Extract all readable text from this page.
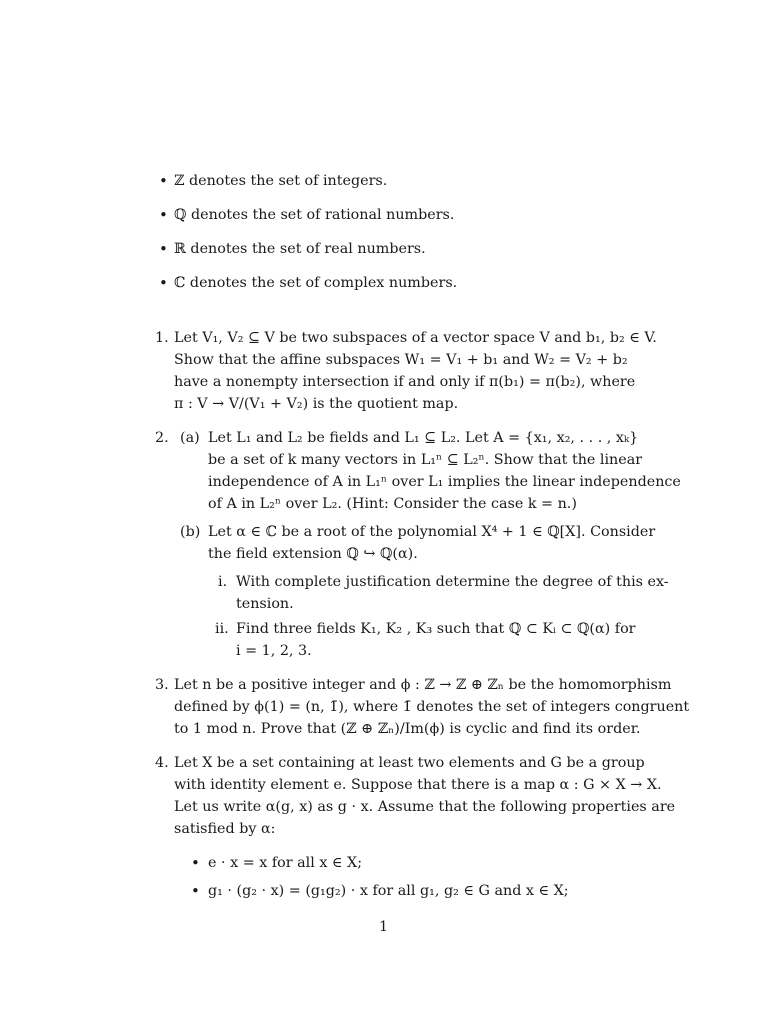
• ℤ denotes the set of integers.
• ℚ denotes the set of rational numbers.
• ℝ denotes the set of real numbers.
• ℂ denotes the set of complex numbers.
1. Let V₁, V₂ ⊆ V be two subspaces of a vector space V and b₁, b₂ ∈ V.
Show that the affine subspaces W₁ = V₁ + b₁ and W₂ = V₂ + b₂
have a nonempty intersection if and only if π(b₁) = π(b₂), where
π : V → V/(V₁ + V₂) is the quotient map.
2. (a) Let L₁ and L₂ be fields and L₁ ⊆ L₂. Let A = {x₁, x₂, . . . , xₖ}
be a set of k many vectors in L₁ⁿ ⊆ L₂ⁿ. Show that the linear
independence of A in L₁ⁿ over L₁ implies the linear independence
of A in L₂ⁿ over L₂. (Hint: Consider the case k = n.)
(b) Let α ∈ ℂ be a root of the polynomial X⁴ + 1 ∈ ℚ[X]. Consider
the field extension ℚ ↪ ℚ(α).
i. With complete justification determine the degree of this ex-
tension.
ii. Find three fields K₁, K₂ , K₃ such that ℚ ⊂ Kᵢ ⊂ ℚ(α) for
i = 1, 2, 3.
3. Let n be a positive integer and ϕ : ℤ → ℤ ⊕ ℤₙ be the homomorphism
defined by ϕ(1) = (n, 1̄), where 1̄ denotes the set of integers congruent
to 1 mod n. Prove that (ℤ ⊕ ℤₙ)/Im(ϕ) is cyclic and find its order.
4. Let X be a set containing at least two elements and G be a group
with identity element e. Suppose that there is a map α : G × X → X.
Let us write α(g, x) as g · x. Assume that the following properties are
satisfied by α:
• e · x = x for all x ∈ X;
• g₁ · (g₂ · x) = (g₁g₂) · x for all g₁, g₂ ∈ G and x ∈ X;
1
